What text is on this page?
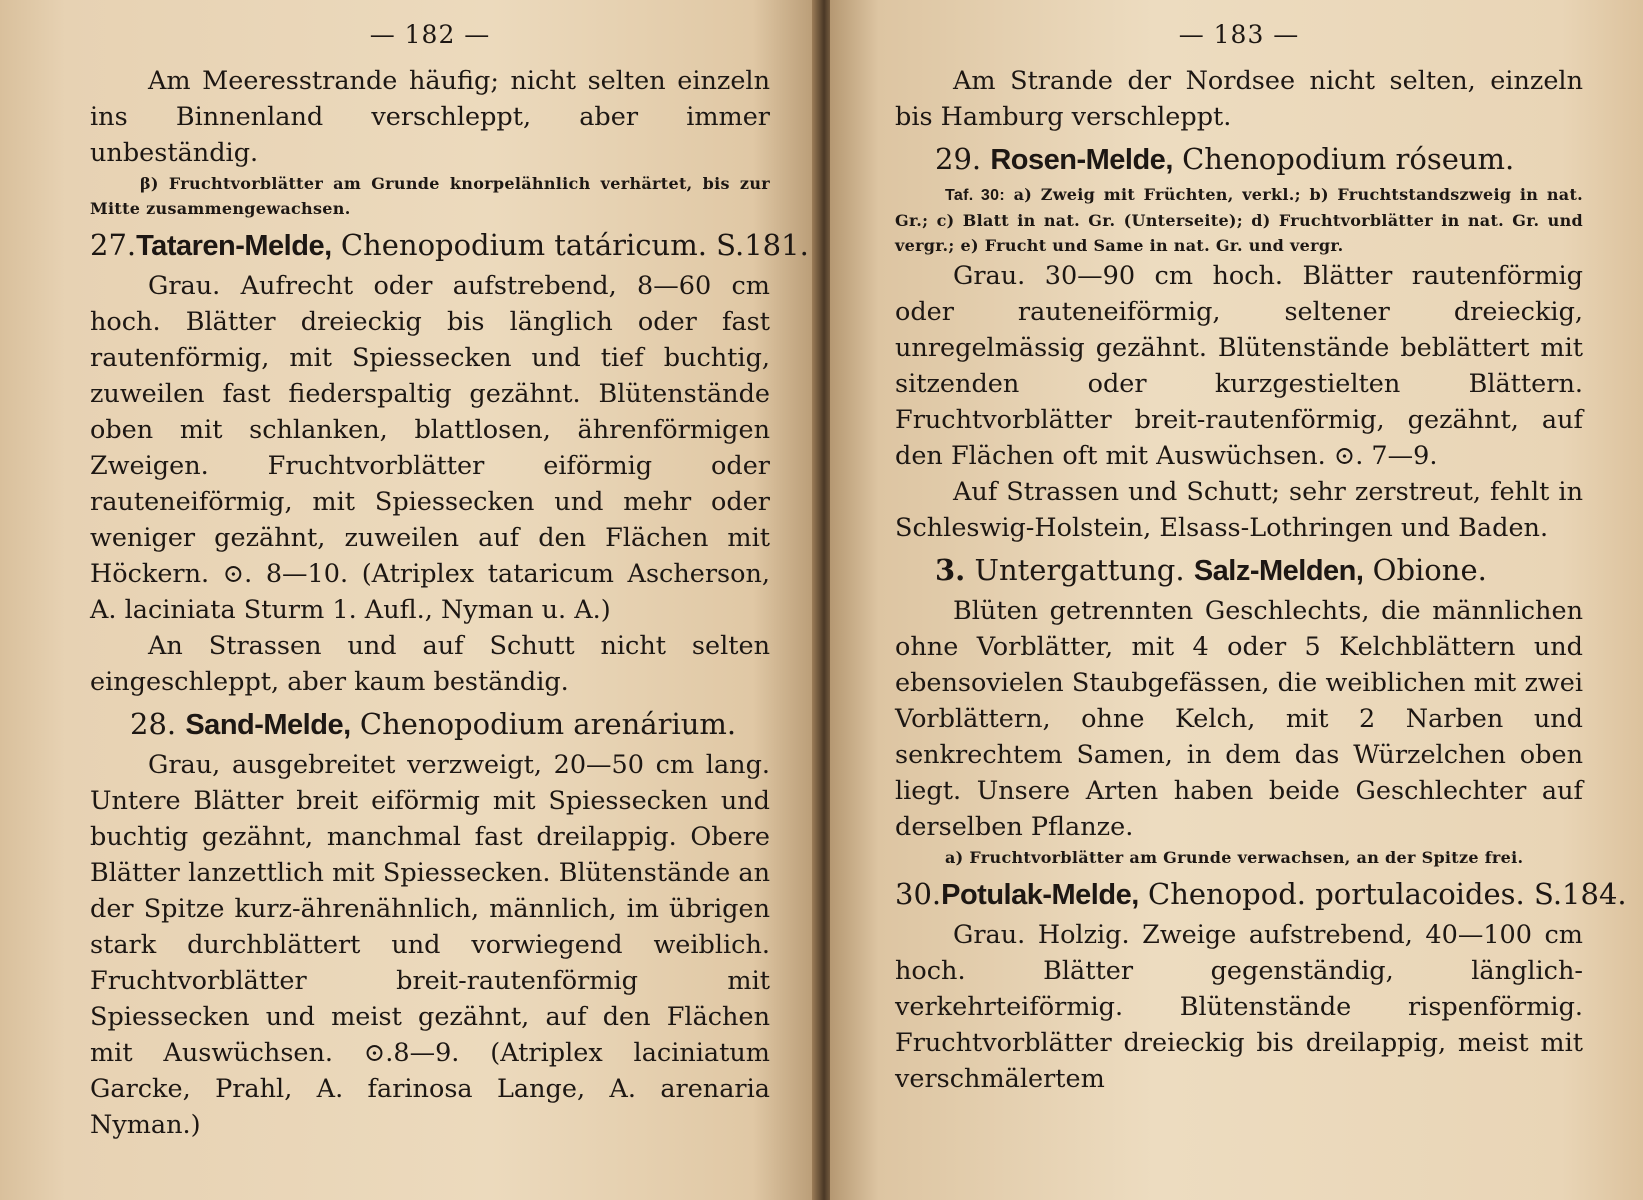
— 182 —

Am Meeresstrande häufig; nicht selten einzeln ins Binnenland verschleppt, aber immer unbeständig.

β) Fruchtvorblätter am Grunde knorpelähnlich verhärtet, bis zur Mitte zusammengewachsen.

27.Tataren-Melde, Chenopodium tatáricum. S.181.

Grau. Aufrecht oder aufstrebend, 8—60 cm hoch. Blätter dreieckig bis länglich oder fast rautenförmig, mit Spiessecken und tief buchtig, zuweilen fast fiederspaltig gezähnt. Blütenstände oben mit schlanken, blattlosen, ährenförmigen Zweigen. Fruchtvorblätter eiförmig oder rauteneiförmig, mit Spiessecken und mehr oder weniger gezähnt, zuweilen auf den Flächen mit Höckern. ⊙. 8—10. (Atriplex tataricum Ascherson, A. laciniata Sturm 1. Aufl., Nyman u. A.)

An Strassen und auf Schutt nicht selten eingeschleppt, aber kaum beständig.

28. Sand-Melde, Chenopodium arenárium.

Grau, ausgebreitet verzweigt, 20—50 cm lang. Untere Blätter breit eiförmig mit Spiessecken und buchtig gezähnt, manchmal fast dreilappig. Obere Blätter lanzettlich mit Spiessecken. Blütenstände an der Spitze kurz-ährenähnlich, männlich, im übrigen stark durchblättert und vorwiegend weiblich. Fruchtvorblätter breit-rautenförmig mit Spiessecken und meist gezähnt, auf den Flächen mit Auswüchsen. ⊙.8—9. (Atriplex laciniatum Garcke, Prahl, A. farinosa Lange, A. arenaria Nyman.)

— 183 —

Am Strande der Nordsee nicht selten, einzeln bis Hamburg verschleppt.

29. Rosen-Melde, Chenopodium róseum.

Taf. 30: a) Zweig mit Früchten, verkl.; b) Fruchtstandszweig in nat. Gr.; c) Blatt in nat. Gr. (Unterseite); d) Fruchtvorblätter in nat. Gr. und vergr.; e) Frucht und Same in nat. Gr. und vergr.

Grau. 30—90 cm hoch. Blätter rautenförmig oder rauteneiförmig, seltener dreieckig, unregelmässig gezähnt. Blütenstände beblättert mit sitzenden oder kurzgestielten Blättern. Fruchtvorblätter breit-rautenförmig, gezähnt, auf den Flächen oft mit Auswüchsen. ⊙. 7—9.

Auf Strassen und Schutt; sehr zerstreut, fehlt in Schleswig-Holstein, Elsass-Lothringen und Baden.

3. Untergattung. Salz-Melden, Obione.

Blüten getrennten Geschlechts, die männlichen ohne Vorblätter, mit 4 oder 5 Kelchblättern und ebensovielen Staubgefässen, die weiblichen mit zwei Vorblättern, ohne Kelch, mit 2 Narben und senkrechtem Samen, in dem das Würzelchen oben liegt. Unsere Arten haben beide Geschlechter auf derselben Pflanze.

a) Fruchtvorblätter am Grunde verwachsen, an der Spitze frei.

30.Potulak-Melde, Chenopod. portulacoides. S.184.

Grau. Holzig. Zweige aufstrebend, 40—100 cm hoch. Blätter gegenständig, länglich-verkehrteiförmig. Blütenstände rispenförmig. Fruchtvorblätter dreieckig bis dreilappig, meist mit verschmälertem
